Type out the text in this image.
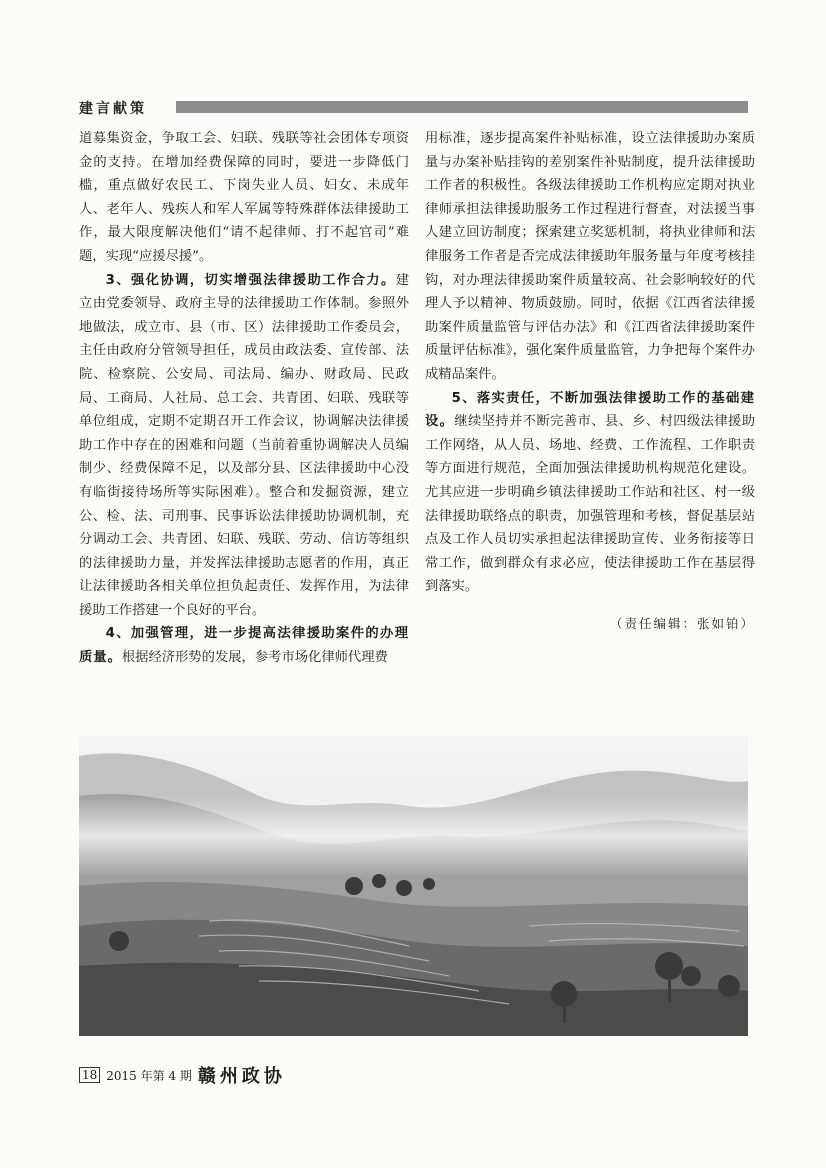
建言献策

道募集资金，争取工会、妇联、残联等社会团体专项资金的支持。在增加经费保障的同时，要进一步降低门槛，重点做好农民工、下岗失业人员、妇女、未成年人、老年人、残疾人和军人军属等特殊群体法律援助工作，最大限度解决他们“请不起律师、打不起官司”难题，实现“应援尽援”。

3、强化协调，切实增强法律援助工作合力。建立由党委领导、政府主导的法律援助工作体制。参照外地做法，成立市、县（市、区）法律援助工作委员会，主任由政府分管领导担任，成员由政法委、宣传部、法院、检察院、公安局、司法局、编办、财政局、民政局、工商局、人社局、总工会、共青团、妇联、残联等单位组成，定期不定期召开工作会议，协调解决法律援助工作中存在的困难和问题（当前着重协调解决人员编制少、经费保障不足，以及部分县、区法律援助中心没有临街接待场所等实际困难）。整合和发掘资源，建立公、检、法、司刑事、民事诉讼法律援助协调机制，充分调动工会、共青团、妇联、残联、劳动、信访等组织的法律援助力量，并发挥法律援助志愿者的作用，真正让法律援助各相关单位担负起责任、发挥作用，为法律援助工作搭建一个良好的平台。

4、加强管理，进一步提高法律援助案件的办理质量。根据经济形势的发展，参考市场化律师代理费

用标准，逐步提高案件补贴标准，设立法律援助办案质量与办案补贴挂钩的差别案件补贴制度，提升法律援助工作者的积极性。各级法律援助工作机构应定期对执业律师承担法律援助服务工作过程进行督查，对法援当事人建立回访制度；探索建立奖惩机制，将执业律师和法律服务工作者是否完成法律援助年服务量与年度考核挂钩，对办理法律援助案件质量较高、社会影响较好的代理人予以精神、物质鼓励。同时，依据《江西省法律援助案件质量监管与评估办法》和《江西省法律援助案件质量评估标准》，强化案件质量监管，力争把每个案件办成精品案件。

5、落实责任，不断加强法律援助工作的基础建设。继续坚持并不断完善市、县、乡、村四级法律援助工作网络，从人员、场地、经费、工作流程、工作职责等方面进行规范，全面加强法律援助机构规范化建设。尤其应进一步明确乡镇法律援助工作站和社区、村一级法律援助联络点的职责，加强管理和考核，督促基层站点及工作人员切实承担起法律援助宣传、业务衔接等日常工作，做到群众有求必应，使法律援助工作在基层得到落实。

（责任编辑：张如铂）

18 2015 年第 4 期 赣州政协
